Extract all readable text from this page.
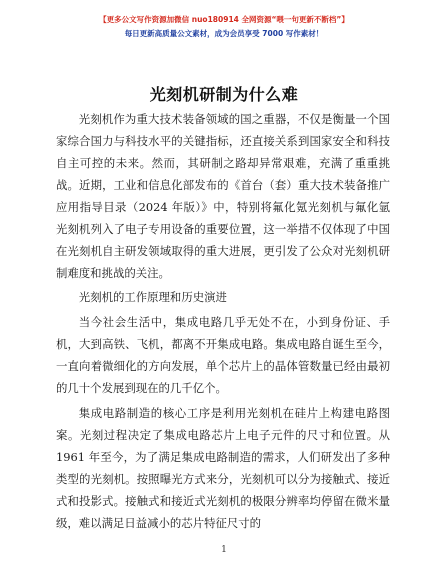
【更多公文写作资源加微信 nuo180914 全网资源“喂一句更新不断档”】
每日更新高质量公文素材，成为会员享受 7000 写作素材！
光刻机研制为什么难

光刻机作为重大技术装备领域的国之重器，不仅是衡量一个国家综合国力与科技水平的关键指标，还直接关系到国家安全和科技自主可控的未来。然而，其研制之路却异常艰难，充满了重重挑战。近期，工业和信息化部发布的《首台（套）重大技术装备推广应用指导目录（2024 年版）》中，特别将氟化氪光刻机与氟化氩光刻机列入了电子专用设备的重要位置，这一举措不仅体现了中国在光刻机自主研发领域取得的重大进展，更引发了公众对光刻机研制难度和挑战的关注。

光刻机的工作原理和历史演进

当今社会生活中，集成电路几乎无处不在，小到身份证、手机，大到高铁、飞机，都离不开集成电路。集成电路自诞生至今，一直向着微细化的方向发展，单个芯片上的晶体管数量已经由最初的几十个发展到现在的几千亿个。

集成电路制造的核心工序是利用光刻机在硅片上构建电路图案。光刻过程决定了集成电路芯片上电子元件的尺寸和位置。从 1961 年至今，为了满足集成电路制造的需求，人们研发出了多种类型的光刻机。按照曝光方式来分，光刻机可以分为接触式、接近式和投影式。接触式和接近式光刻机的极限分辨率均停留在微米量级，难以满足日益减小的芯片特征尺寸的

1
